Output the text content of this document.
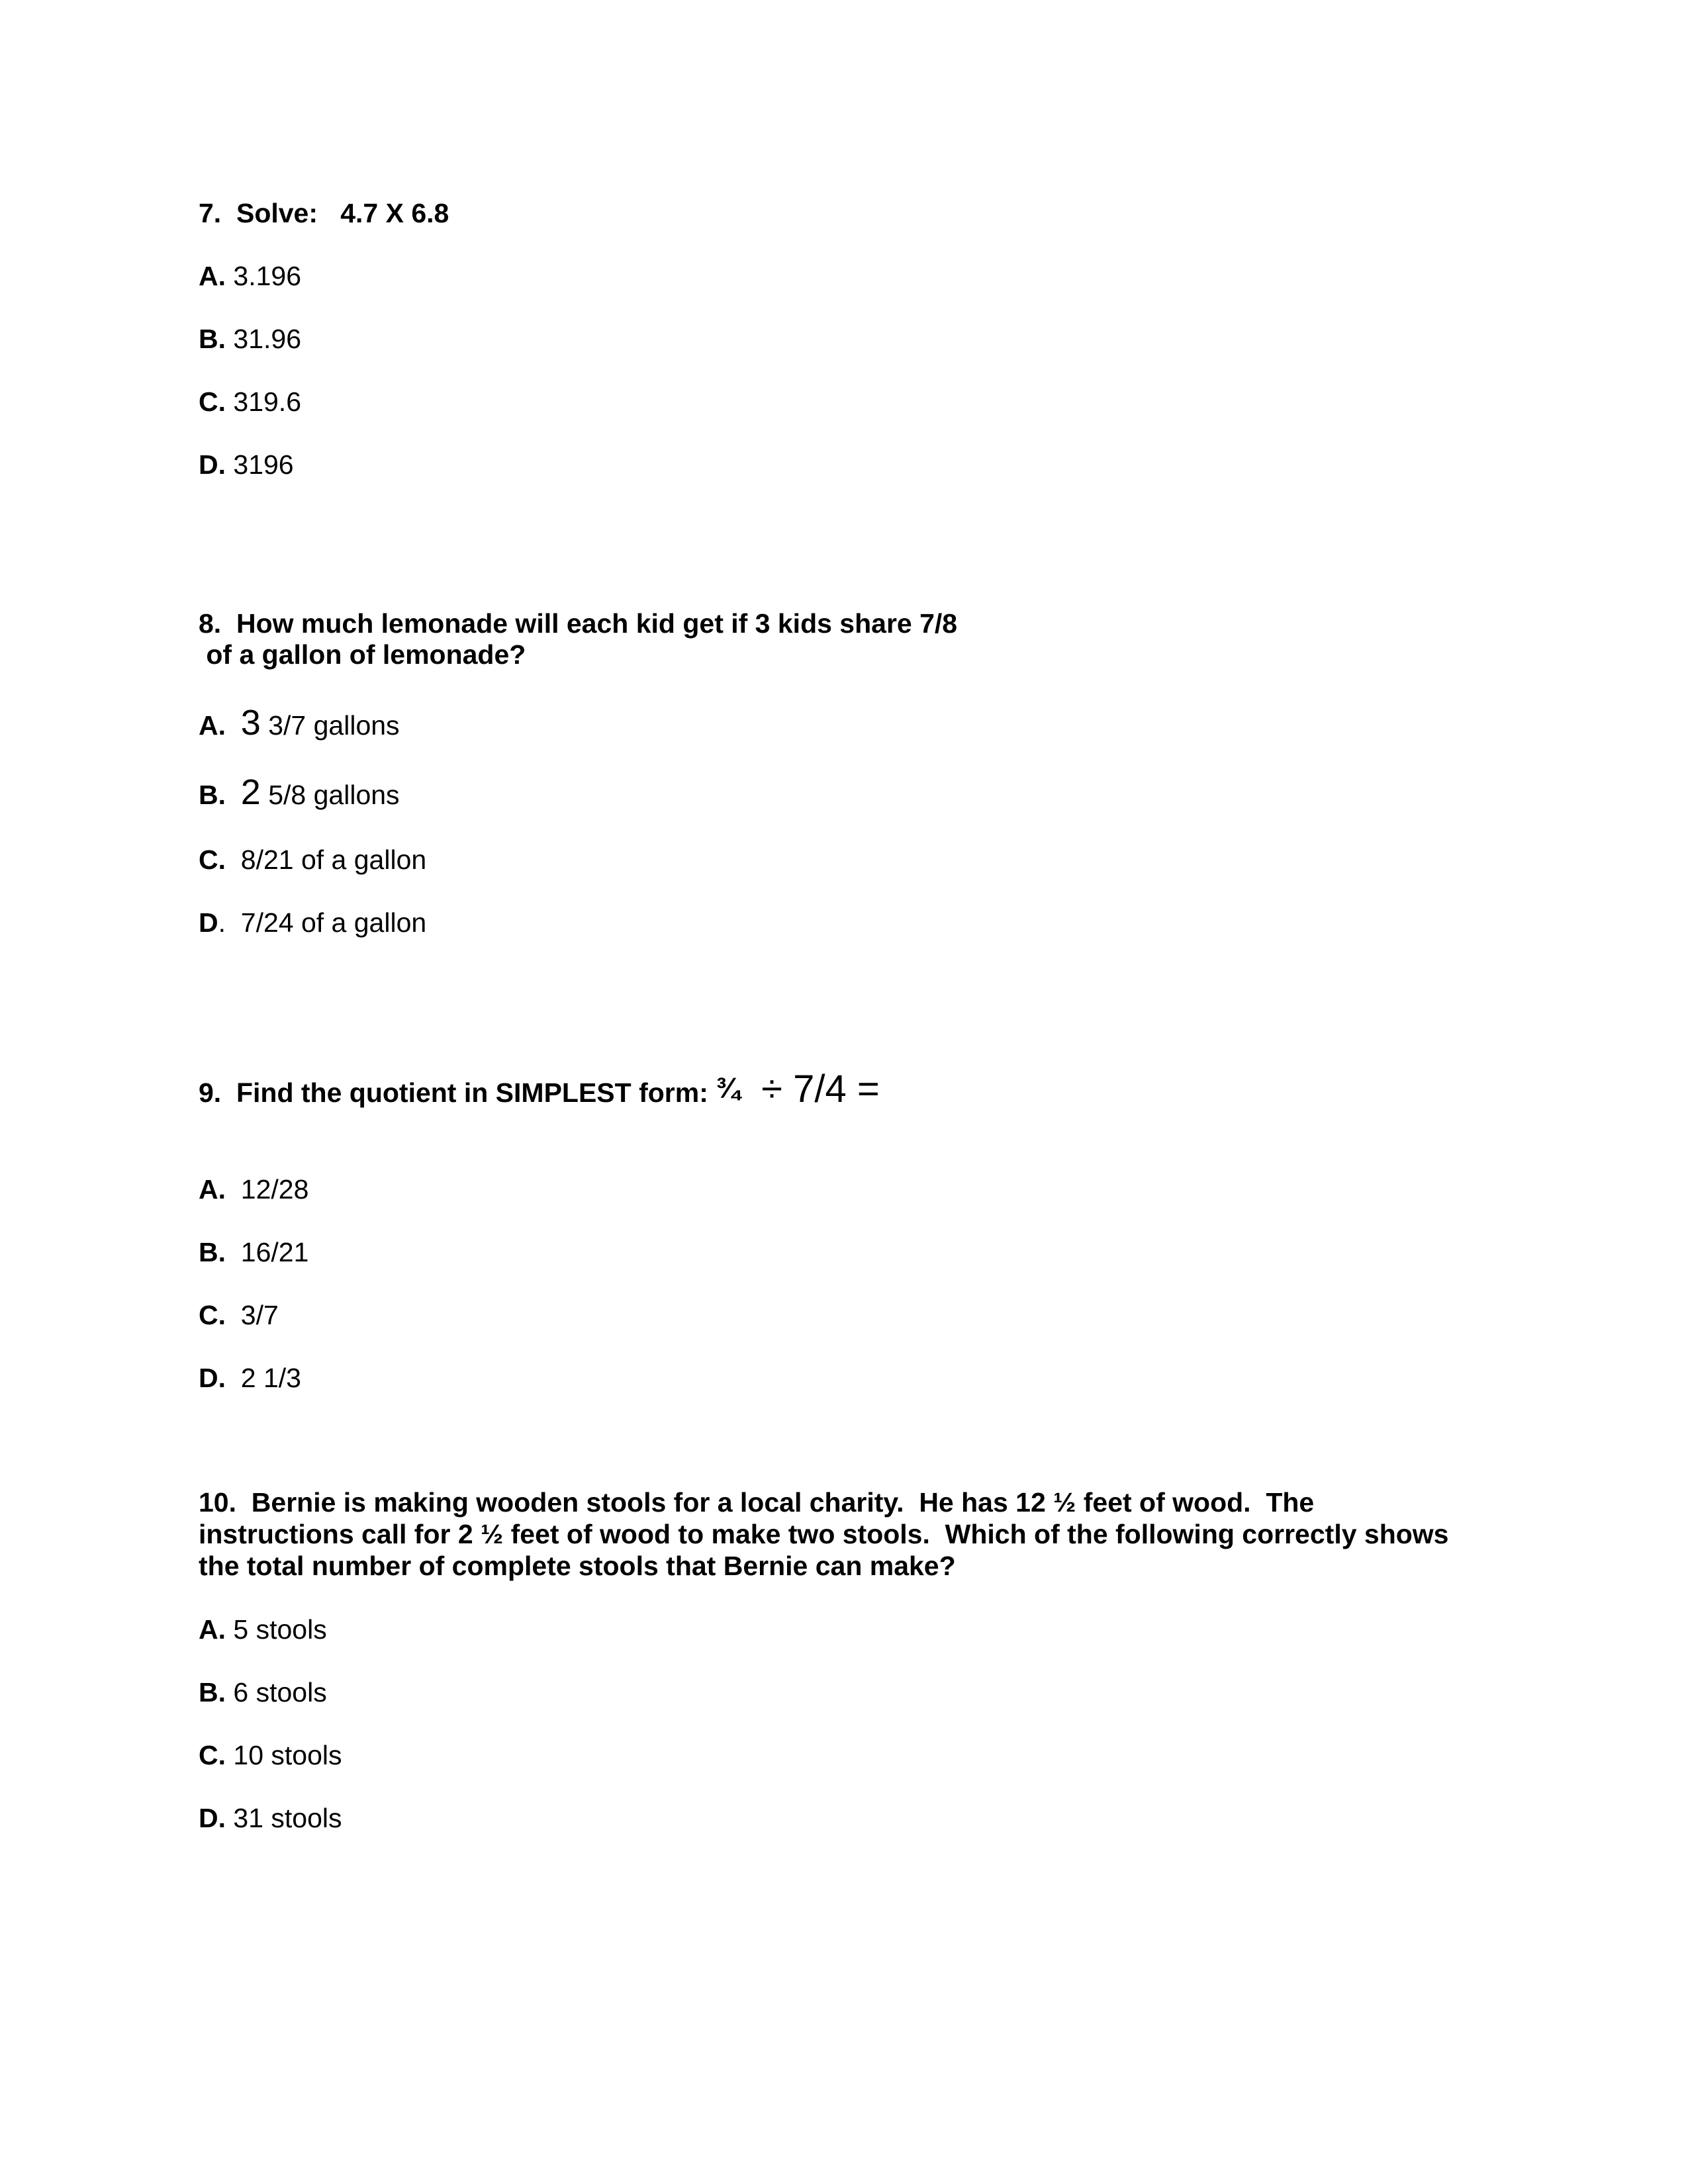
7.  Solve:   4.7 X 6.8
A. 3.196
B. 31.96
C. 319.6
D. 3196
8.  How much lemonade will each kid get if 3 kids share 7/8
of a gallon of lemonade?
A. 3 3/7 gallons
B. 2 5/8 gallons
C.  8/21 of a gallon
D.  7/24 of a gallon
9.  Find the quotient in SIMPLEST form: ¾  ÷ 7/4 =
A.  12/28
B.  16/21
C.  3/7
D.  2 1/3
10.  Bernie is making wooden stools for a local charity.  He has 12 ½ feet of wood.  The
instructions call for 2 ½ feet of wood to make two stools.  Which of the following correctly shows
the total number of complete stools that Bernie can make?
A. 5 stools
B. 6 stools
C. 10 stools
D. 31 stools
